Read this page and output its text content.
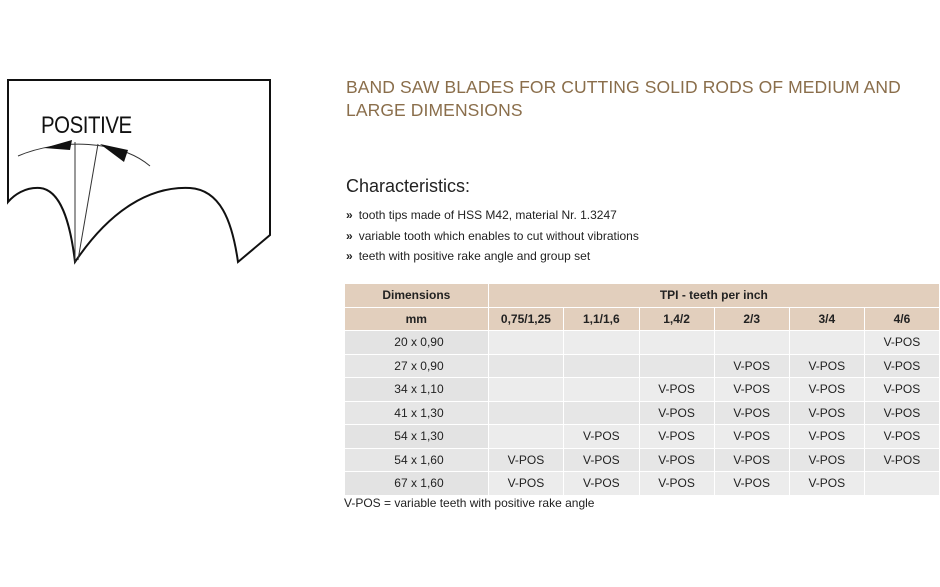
POSITIVE
BAND SAW BLADES FOR CUTTING SOLID RODS OF MEDIUM AND LARGE DIMENSIONS
Characteristics:
» tooth tips made of HSS M42, material Nr. 1.3247
» variable tooth which enables to cut without vibrations
» teeth with positive rake angle and group set
Dimensions	TPI - teeth per inch					
mm	0,75/1,25	1,1/1,6	1,4/2	2/3	3/4	4/6
20 x 0,90						V-POS
27 x 0,90				V-POS	V-POS	V-POS
34 x 1,10			V-POS	V-POS	V-POS	V-POS
41 x 1,30			V-POS	V-POS	V-POS	V-POS
54 x 1,30		V-POS	V-POS	V-POS	V-POS	V-POS
54 x 1,60	V-POS	V-POS	V-POS	V-POS	V-POS	V-POS
67 x 1,60	V-POS	V-POS	V-POS	V-POS	V-POS	
V-POS = variable teeth with positive rake angle
